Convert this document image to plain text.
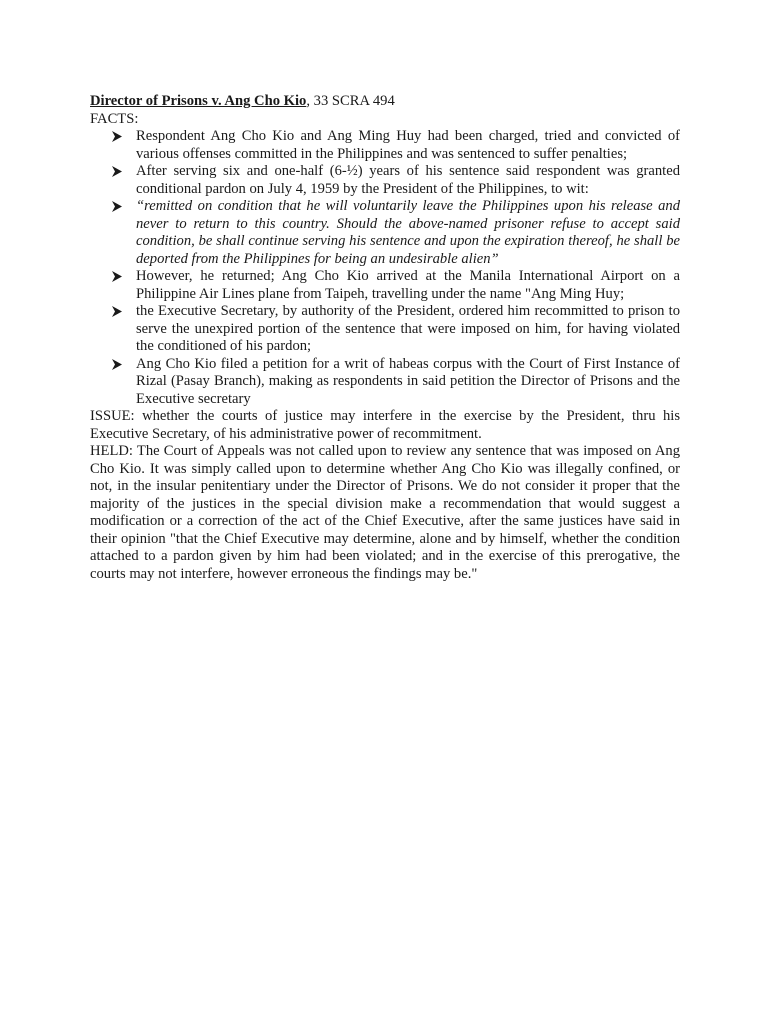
Director of Prisons v. Ang Cho Kio, 33 SCRA 494

FACTS:

Respondent Ang Cho Kio and Ang Ming Huy had been charged, tried and convicted of various offenses committed in the Philippines and was sentenced to suffer penalties;
After serving six and one-half (6-½) years of his sentence said respondent was granted conditional pardon on July 4, 1959 by the President of the Philippines, to wit:
“remitted on condition that he will voluntarily leave the Philippines upon his release and never to return to this country. Should the above-named prisoner refuse to accept said condition, be shall continue serving his sentence and upon the expiration thereof, he shall be deported from the Philippines for being an undesirable alien”
However, he returned; Ang Cho Kio arrived at the Manila International Airport on a Philippine Air Lines plane from Taipeh, travelling under the name "Ang Ming Huy;
the Executive Secretary, by authority of the President, ordered him recommitted to prison to serve the unexpired portion of the sentence that were imposed on him, for having violated the conditioned of his pardon;
Ang Cho Kio filed a petition for a writ of habeas corpus with the Court of First Instance of Rizal (Pasay Branch), making as respondents in said petition the Director of Prisons and the Executive secretary

ISSUE: whether the courts of justice may interfere in the exercise by the President, thru his Executive Secretary, of his administrative power of recommitment.

HELD: The Court of Appeals was not called upon to review any sentence that was imposed on Ang Cho Kio. It was simply called upon to determine whether Ang Cho Kio was illegally confined, or not, in the insular penitentiary under the Director of Prisons. We do not consider it proper that the majority of the justices in the special division make a recommendation that would suggest a modification or a correction of the act of the Chief Executive, after the same justices have said in their opinion "that the Chief Executive may determine, alone and by himself, whether the condition attached to a pardon given by him had been violated; and in the exercise of this prerogative, the courts may not interfere, however erroneous the findings may be."
